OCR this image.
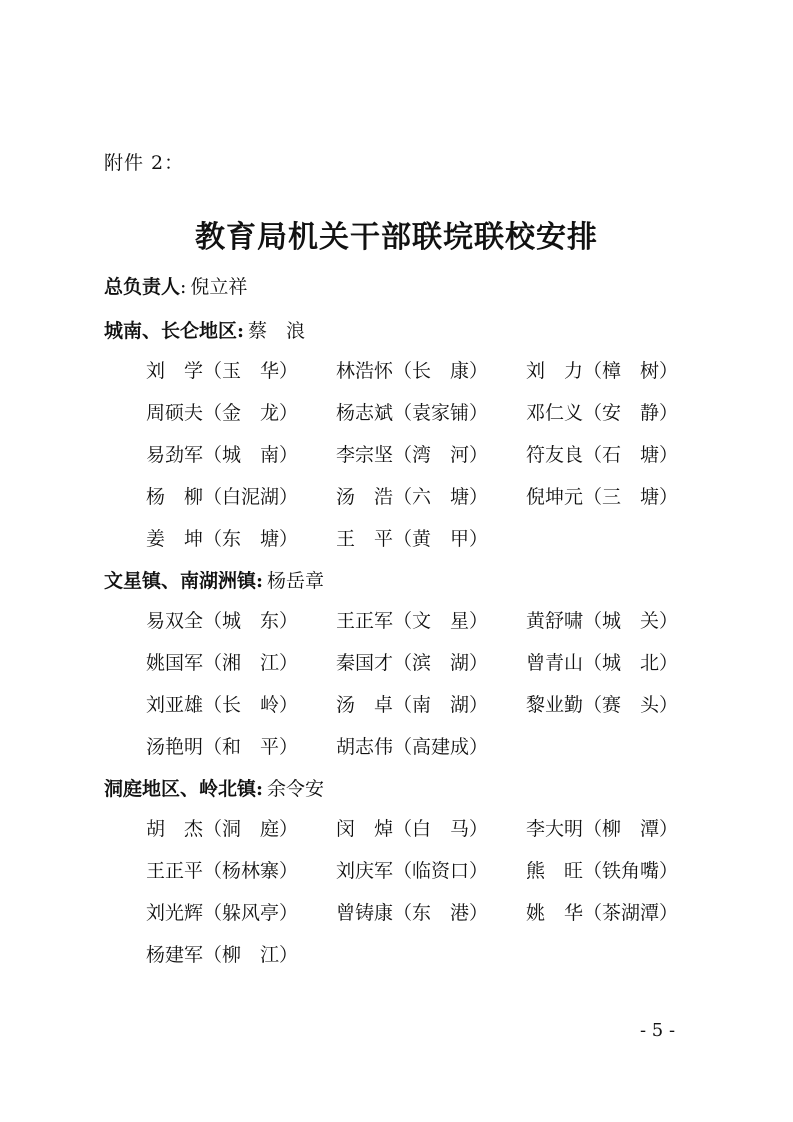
附件 2：
教育局机关干部联垸联校安排
总负责人: 倪立祥
城南、长仑地区: 蔡　浪
刘　学（玉　华）	林浩怀（长　康）	刘　力（樟　树）
周硕夫（金　龙）	杨志斌（袁家铺）	邓仁义（安　静）
易劲军（城　南）	李宗坚（湾　河）	符友良（石　塘）
杨　柳（白泥湖）	汤　浩（六　塘）	倪坤元（三　塘）
姜　坤（东　塘）	王　平（黄　甲）
文星镇、南湖洲镇: 杨岳章
易双全（城　东）	王正军（文　星）	黄舒啸（城　关）
姚国军（湘　江）	秦国才（滨　湖）	曾青山（城　北）
刘亚雄（长　岭）	汤　卓（南　湖）	黎业勤（赛　头）
汤艳明（和　平）	胡志伟（高建成）
洞庭地区、岭北镇: 余令安
胡　杰（洞　庭）	闵　焯（白　马）	李大明（柳　潭）
王正平（杨林寨）	刘庆军（临资口）	熊　旺（铁角嘴）
刘光辉（躲风亭）	曾铸康（东　港）	姚　华（茶湖潭）
杨建军（柳　江）
- 5 -
